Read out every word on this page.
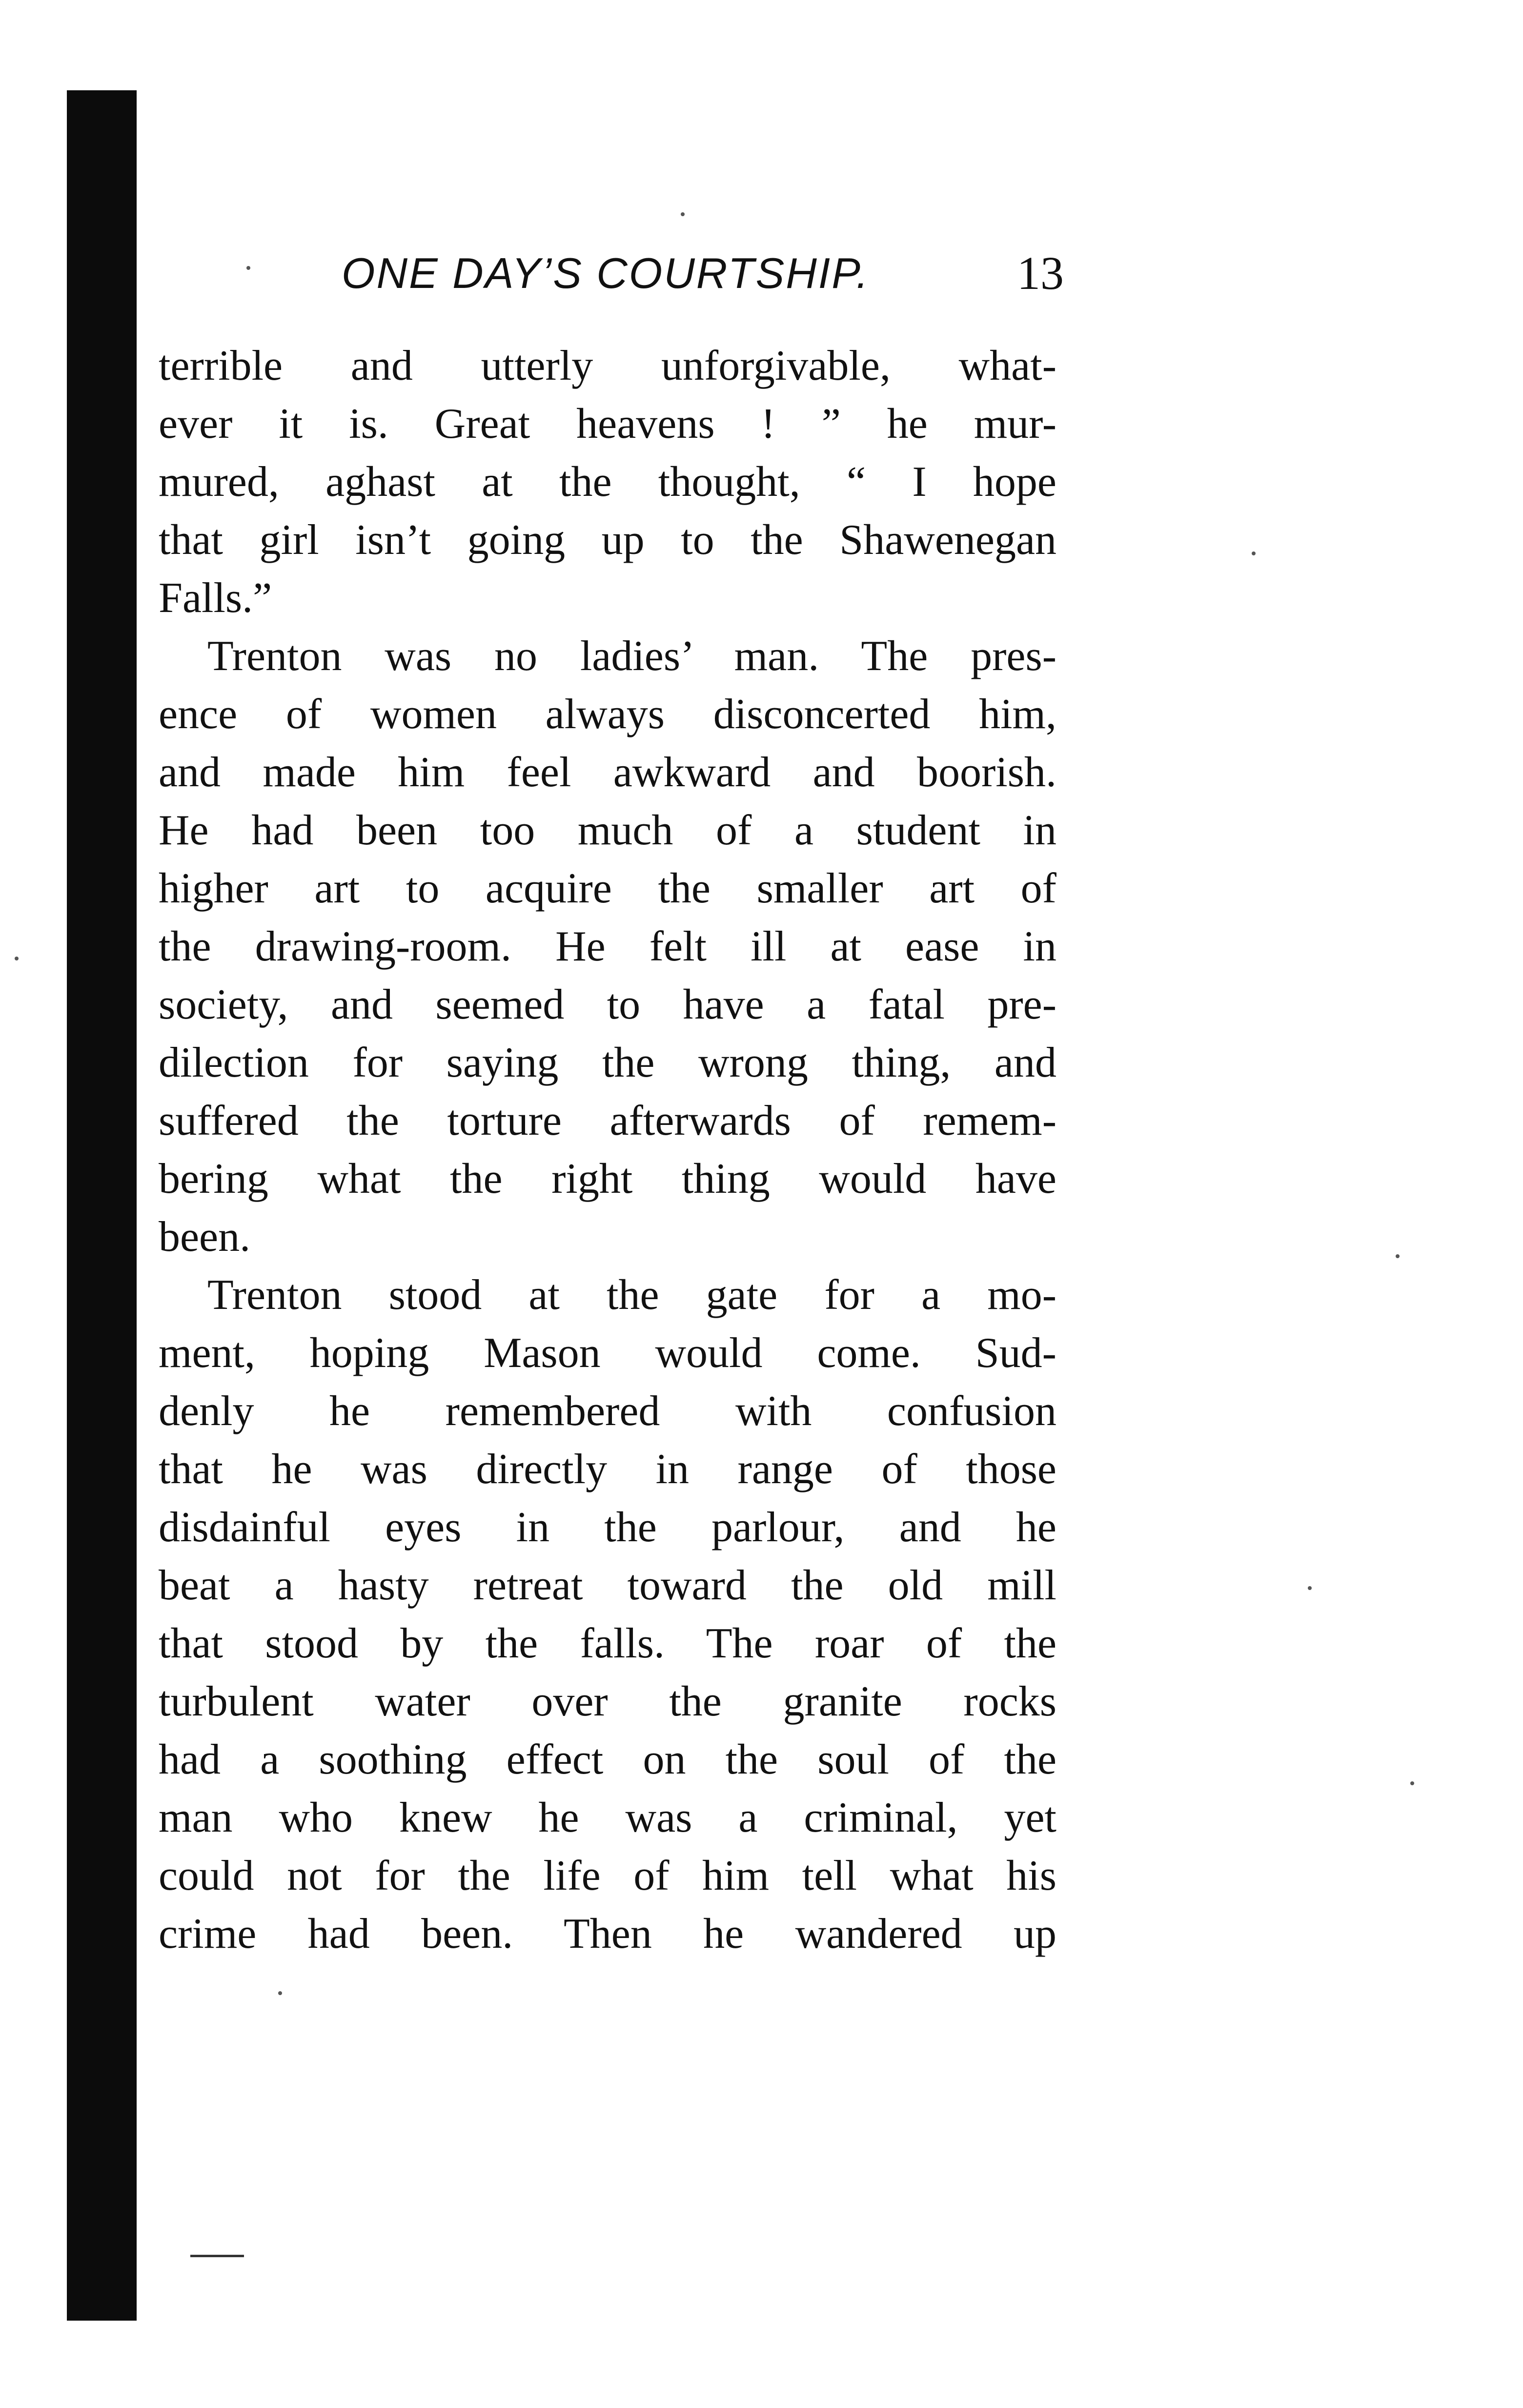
ONE DAY’S COURTSHIP.	13
terrible and utterly unforgivable, what-
ever it is. Great heavens ! ” he mur-
mured, aghast at the thought, “ I hope
that girl isn’t going up to the Shawenegan
Falls.”
Trenton was no ladies’ man. The pres-
ence of women always disconcerted him,
and made him feel awkward and boorish.
He had been too much of a student in
higher art to acquire the smaller art of
the drawing-room. He felt ill at ease in
society, and seemed to have a fatal pre-
dilection for saying the wrong thing, and
suffered the torture afterwards of remem-
bering what the right thing would have
been.
Trenton stood at the gate for a mo-
ment, hoping Mason would come. Sud-
denly he remembered with confusion
that he was directly in range of those
disdainful eyes in the parlour, and he
beat a hasty retreat toward the old mill
that stood by the falls. The roar of the
turbulent water over the granite rocks
had a soothing effect on the soul of the
man who knew he was a criminal, yet
could not for the life of him tell what his
crime had been. Then he wandered up
